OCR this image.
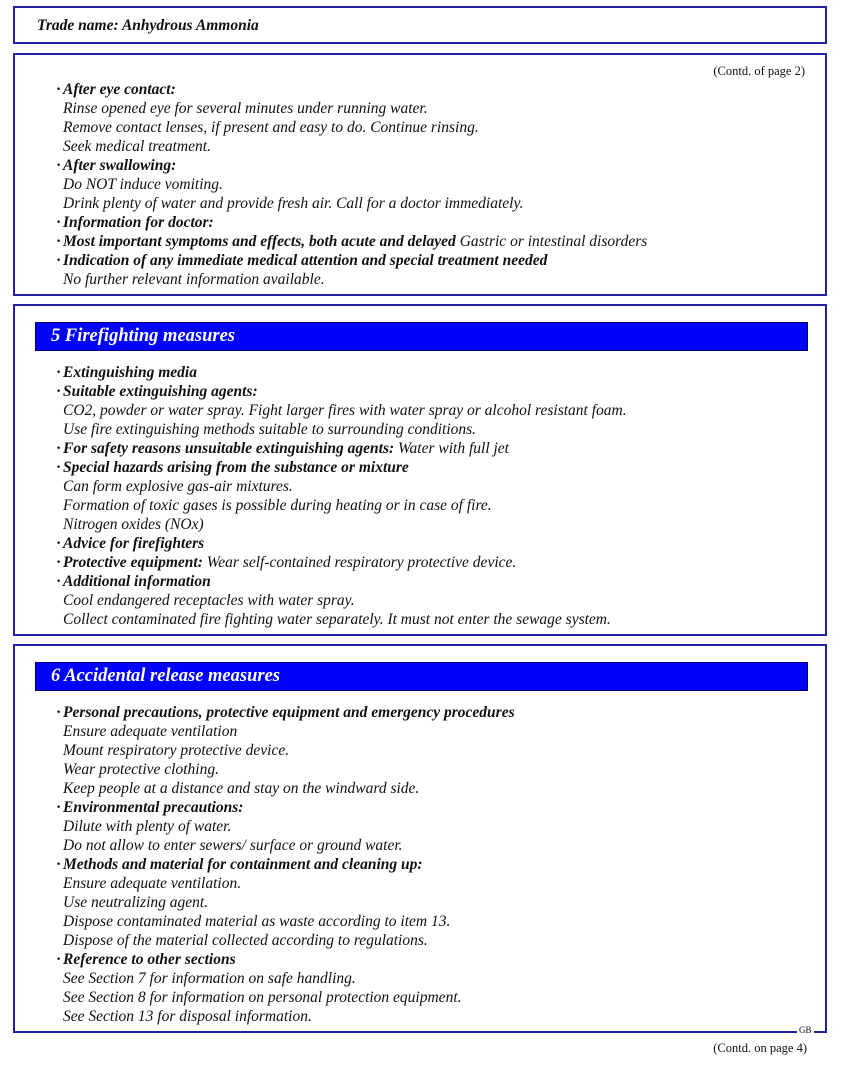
Trade name: Anhydrous Ammonia
(Contd. of page 2)
· After eye contact:
Rinse opened eye for several minutes under running water.
Remove contact lenses, if present and easy to do. Continue rinsing.
Seek medical treatment.
· After swallowing:
Do NOT induce vomiting.
Drink plenty of water and provide fresh air. Call for a doctor immediately.
· Information for doctor:
· Most important symptoms and effects, both acute and delayed Gastric or intestinal disorders
· Indication of any immediate medical attention and special treatment needed
No further relevant information available.
5 Firefighting measures
· Extinguishing media
· Suitable extinguishing agents:
CO2, powder or water spray. Fight larger fires with water spray or alcohol resistant foam.
Use fire extinguishing methods suitable to surrounding conditions.
· For safety reasons unsuitable extinguishing agents: Water with full jet
· Special hazards arising from the substance or mixture
Can form explosive gas-air mixtures.
Formation of toxic gases is possible during heating or in case of fire.
Nitrogen oxides (NOx)
· Advice for firefighters
· Protective equipment: Wear self-contained respiratory protective device.
· Additional information
Cool endangered receptacles with water spray.
Collect contaminated fire fighting water separately. It must not enter the sewage system.
6 Accidental release measures
· Personal precautions, protective equipment and emergency procedures
Ensure adequate ventilation
Mount respiratory protective device.
Wear protective clothing.
Keep people at a distance and stay on the windward side.
· Environmental precautions:
Dilute with plenty of water.
Do not allow to enter sewers/ surface or ground water.
· Methods and material for containment and cleaning up:
Ensure adequate ventilation.
Use neutralizing agent.
Dispose contaminated material as waste according to item 13.
Dispose of the material collected according to regulations.
· Reference to other sections
See Section 7 for information on safe handling.
See Section 8 for information on personal protection equipment.
See Section 13 for disposal information.
GB
(Contd. on page 4)
